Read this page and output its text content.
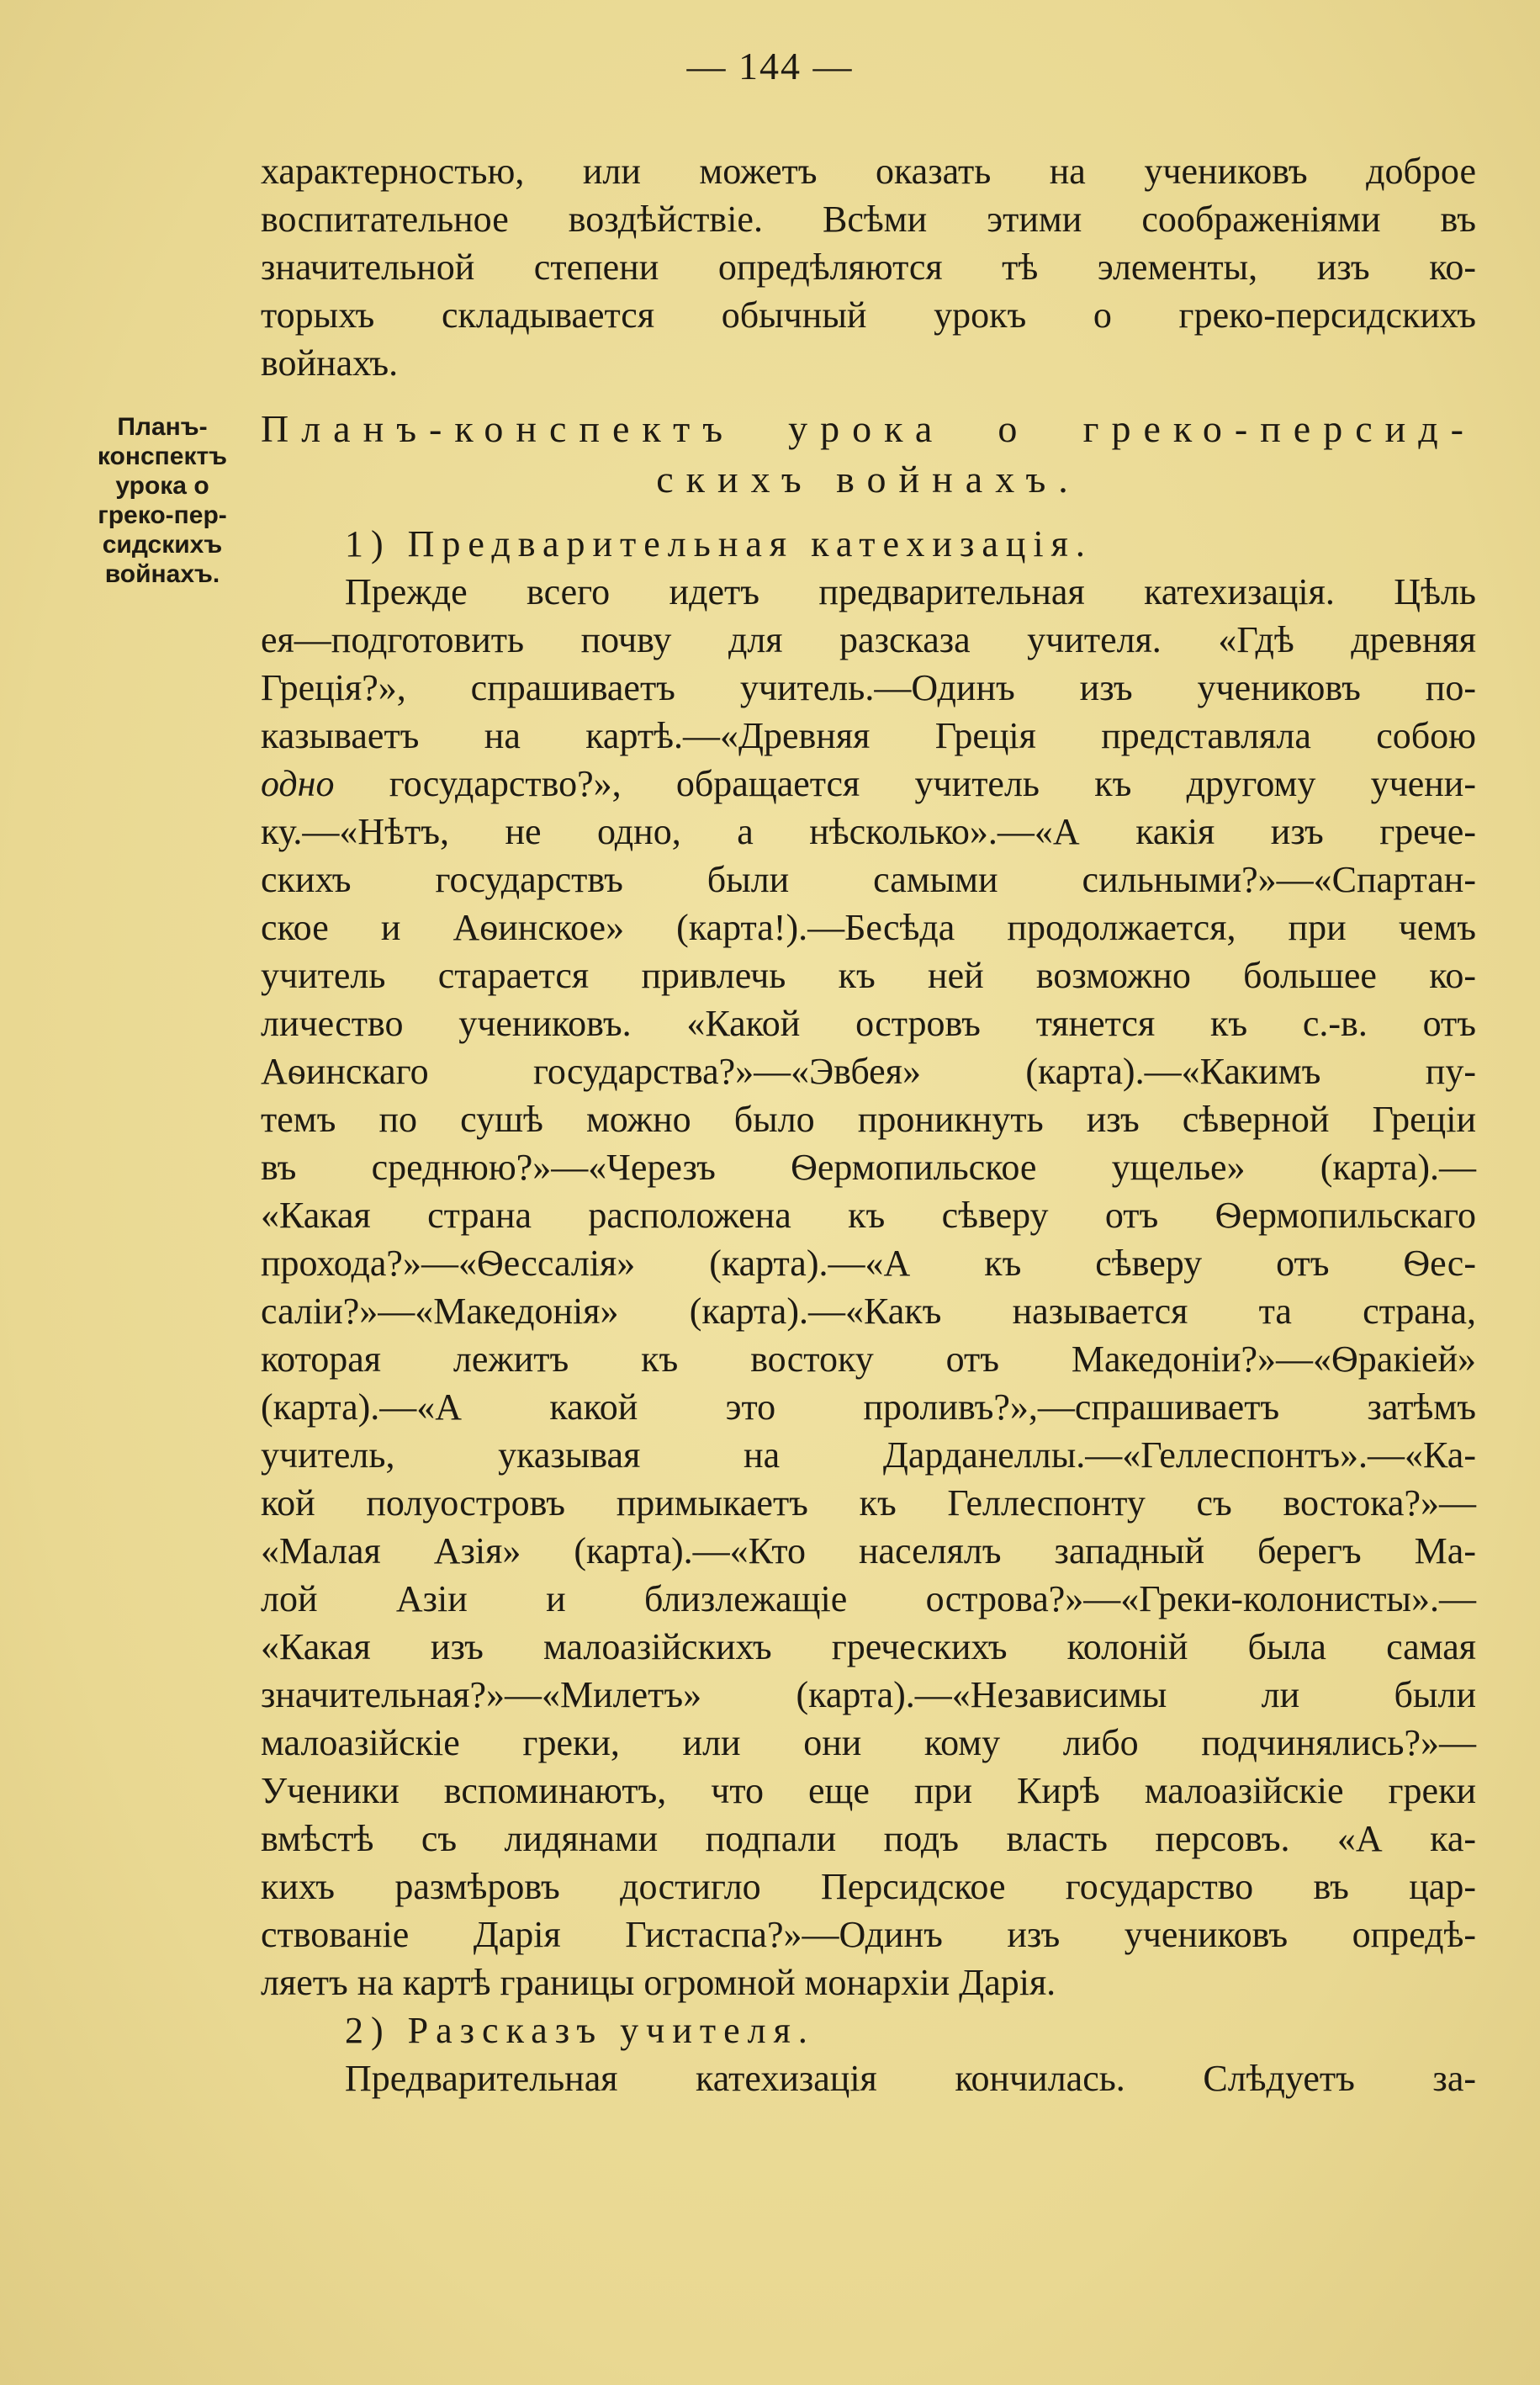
— 144 —
характерностью, или можетъ оказать на учениковъ доброе
воспитательное воздѣйствіе. Всѣми этими соображеніями въ
значительной степени опредѣляются тѣ элементы, изъ ко-
торыхъ складывается обычный урокъ о греко-персидскихъ
войнахъ.
Планъ-
конспектъ
урока о
греко-пер-
сидскихъ
войнахъ.
Планъ-конспектъ урока о греко-персид-
скихъ войнахъ.
1) Предварительная катехизація.
Прежде всего идетъ предварительная катехизація. Цѣль
ея—подготовить почву для разсказа учителя. «Гдѣ древняя
Греція?», спрашиваетъ учитель.—Одинъ изъ учениковъ по-
казываетъ на картѣ.—«Древняя Греція представляла собою
одно государство?», обращается учитель къ другому учени-
ку.—«Нѣтъ, не одно, а нѣсколько».—«А какія изъ грече-
скихъ государствъ были самыми сильными?»—«Спартан-
ское и Аѳинское» (карта!).—Бесѣда продолжается, при чемъ
учитель старается привлечь къ ней возможно большее ко-
личество учениковъ. «Какой островъ тянется къ с.-в. отъ
Аѳинскаго государства?»—«Эвбея» (карта).—«Какимъ пу-
темъ по сушѣ можно было проникнуть изъ сѣверной Греціи
въ среднюю?»—«Черезъ Ѳермопильское ущелье» (карта).—
«Какая страна расположена къ сѣверу отъ Ѳермопильскаго
прохода?»—«Ѳессалія» (карта).—«А къ сѣверу отъ Ѳес-
саліи?»—«Македонія» (карта).—«Какъ называется та страна,
которая лежитъ къ востоку отъ Македоніи?»—«Ѳракіей»
(карта).—«А какой это проливъ?»,—спрашиваетъ затѣмъ
учитель, указывая на Дарданеллы.—«Геллеспонтъ».—«Ка-
кой полуостровъ примыкаетъ къ Геллеспонту съ востока?»—
«Малая Азія» (карта).—«Кто населялъ западный берегъ Ма-
лой Азіи и близлежащіе острова?»—«Греки-колонисты».—
«Какая изъ малоазійскихъ греческихъ колоній была самая
значительная?»—«Милетъ» (карта).—«Независимы ли были
малоазійскіе греки, или они кому либо подчинялись?»—
Ученики вспоминаютъ, что еще при Кирѣ малоазійскіе греки
вмѣстѣ съ лидянами подпали подъ власть персовъ. «А ка-
кихъ размѣровъ достигло Персидское государство въ цар-
ствованіе Дарія Гистаспа?»—Одинъ изъ учениковъ опредѣ-
ляетъ на картѣ границы огромной монархіи Дарія.
2) Разсказъ учителя.
Предварительная катехизація кончилась. Слѣдуетъ за-
